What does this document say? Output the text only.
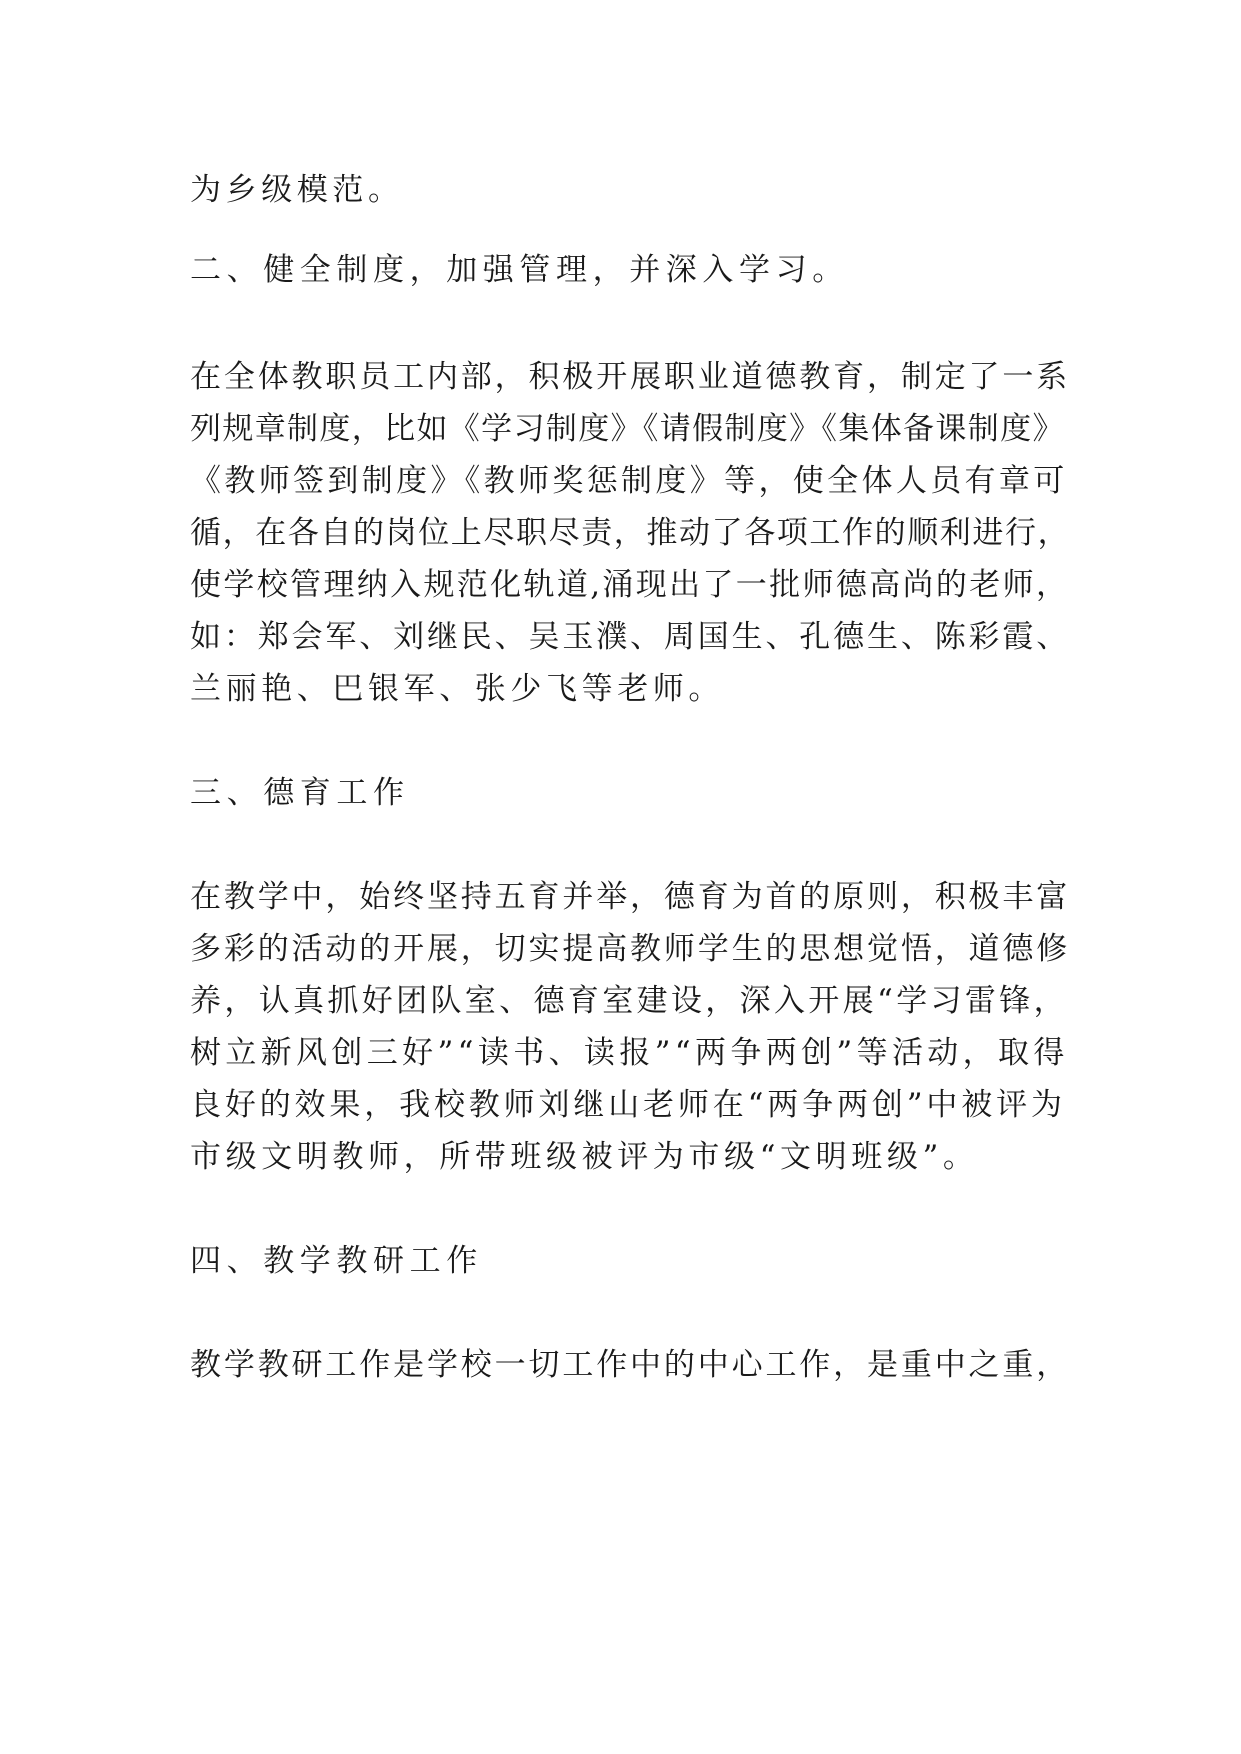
为乡级模范。
二、健全制度，加强管理，并深入学习。
在全体教职员工内部，积极开展职业道德教育，制定了一系
列规章制度，比如《学习制度》《请假制度》《集体备课制度》
《教师签到制度》《教师奖惩制度》等，使全体人员有章可
循，在各自的岗位上尽职尽责，推动了各项工作的顺利进行，
使学校管理纳入规范化轨道,涌现出了一批师德高尚的老师，
如：郑会军、刘继民、吴玉濮、周国生、孔德生、陈彩霞、
兰丽艳、巴银军、张少飞等老师。
三、德育工作
在教学中，始终坚持五育并举，德育为首的原则，积极丰富
多彩的活动的开展，切实提高教师学生的思想觉悟，道德修
养，认真抓好团队室、德育室建设，深入开展“学习雷锋，
树立新风创三好”“读书、读报”“两争两创”等活动，取得
良好的效果，我校教师刘继山老师在“两争两创”中被评为
市级文明教师，所带班级被评为市级“文明班级”。
四、教学教研工作
教学教研工作是学校一切工作中的中心工作，是重中之重，
